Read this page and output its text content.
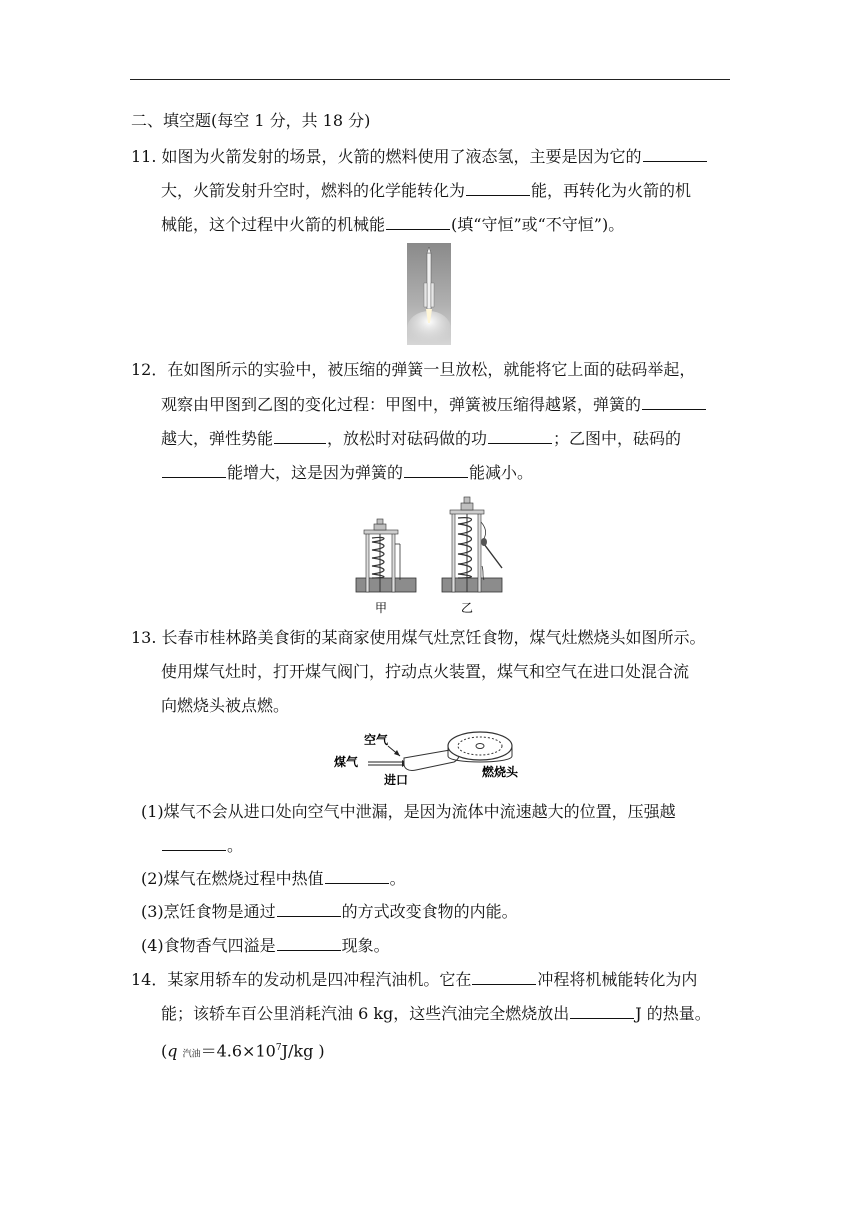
二、填空题(每空 1 分，共 18 分)
11. 如图为火箭发射的场景，火箭的燃料使用了液态氢，主要是因为它的
大，火箭发射升空时，燃料的化学能转化为	能，再转化为火箭的机
械能，这个过程中火箭的机械能	(填“守恒”或“不守恒”)。
12．在如图所示的实验中，被压缩的弹簧一旦放松，就能将它上面的砝码举起，
观察由甲图到乙图的变化过程：甲图中，弹簧被压缩得越紧，弹簧的
越大，弹性势能	，放松时对砝码做的功	；乙图中，砝码的
能增大，这是因为弹簧的	能减小。
甲	乙
13. 长春市桂林路美食街的某商家使用煤气灶烹饪食物，煤气灶燃烧头如图所示。
使用煤气灶时，打开煤气阀门，拧动点火装置，煤气和空气在进口处混合流
向燃烧头被点燃。
空气
煤气
进口
燃烧头
(1)煤气不会从进口处向空气中泄漏，是因为流体中流速越大的位置，压强越
。
(2)煤气在燃烧过程中热值	。
(3)烹饪食物是通过	的方式改变食物的内能。
(4)食物香气四溢是	现象。
14．某家用轿车的发动机是四冲程汽油机。它在	冲程将机械能转化为内
能；该轿车百公里消耗汽油 6 kg，这些汽油完全燃烧放出	J 的热量。
(q 汽油$=4.6\times 10^7J/kg$ )
